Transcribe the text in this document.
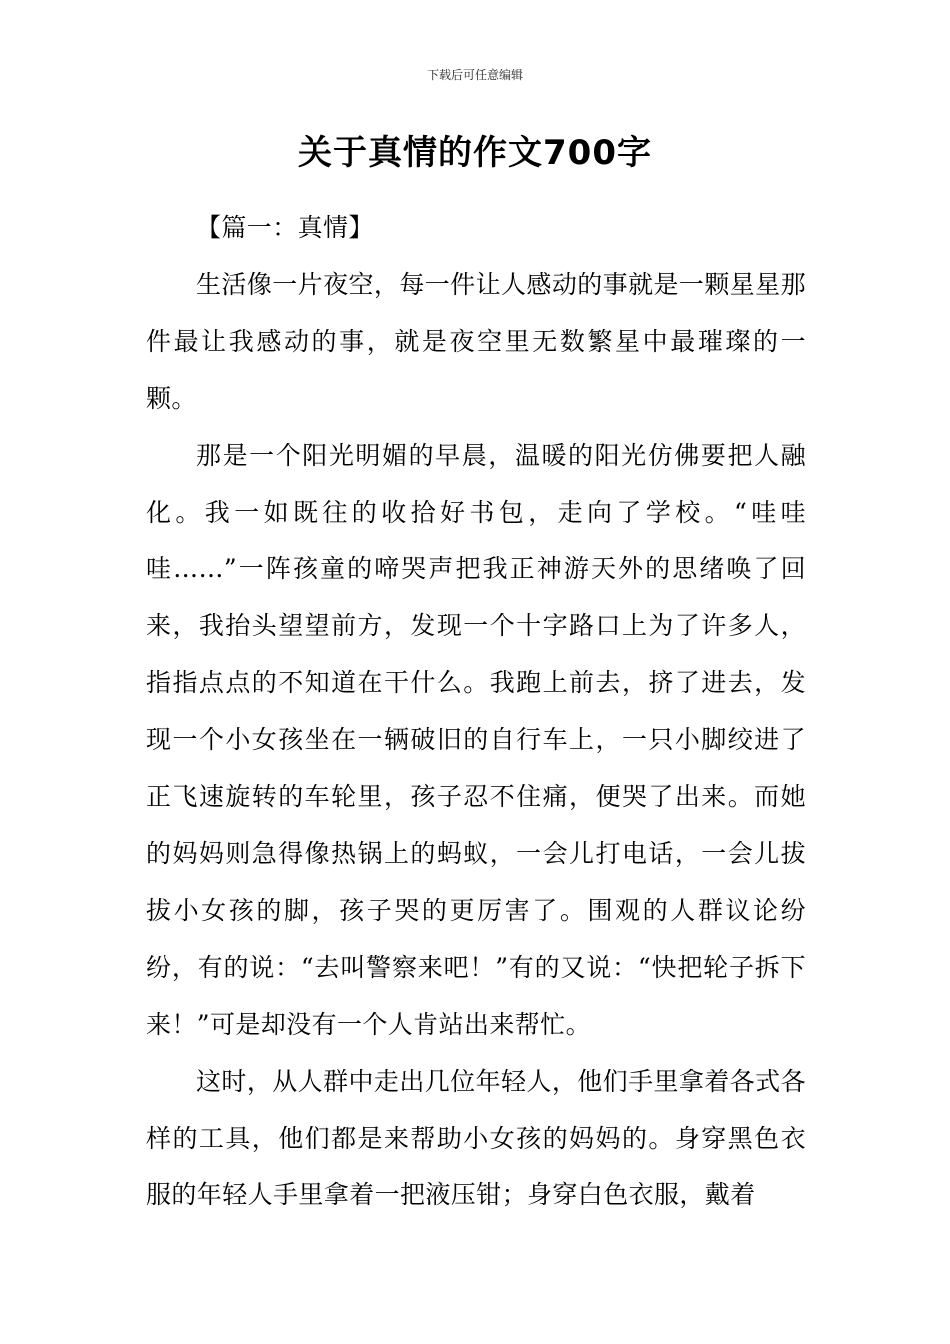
下载后可任意编辑
关于真情的作文700字

【篇一：真情】

生活像一片夜空，每一件让人感动的事就是一颗星星那件最让我感动的事，就是夜空里无数繁星中最璀璨的一颗。

那是一个阳光明媚的早晨，温暖的阳光仿佛要把人融化。我一如既往的收拾好书包，走向了学校。“哇哇哇……”一阵孩童的啼哭声把我正神游天外的思绪唤了回来，我抬头望望前方，发现一个十字路口上为了许多人，指指点点的不知道在干什么。我跑上前去，挤了进去，发现一个小女孩坐在一辆破旧的自行车上，一只小脚绞进了正飞速旋转的车轮里，孩子忍不住痛，便哭了出来。而她的妈妈则急得像热锅上的蚂蚁，一会儿打电话，一会儿拔拔小女孩的脚，孩子哭的更厉害了。围观的人群议论纷纷，有的说：“去叫警察来吧！”有的又说：“快把轮子拆下来！”可是却没有一个人肯站出来帮忙。

这时，从人群中走出几位年轻人，他们手里拿着各式各样的工具，他们都是来帮助小女孩的妈妈的。身穿黑色衣服的年轻人手里拿着一把液压钳；身穿白色衣服，戴着
